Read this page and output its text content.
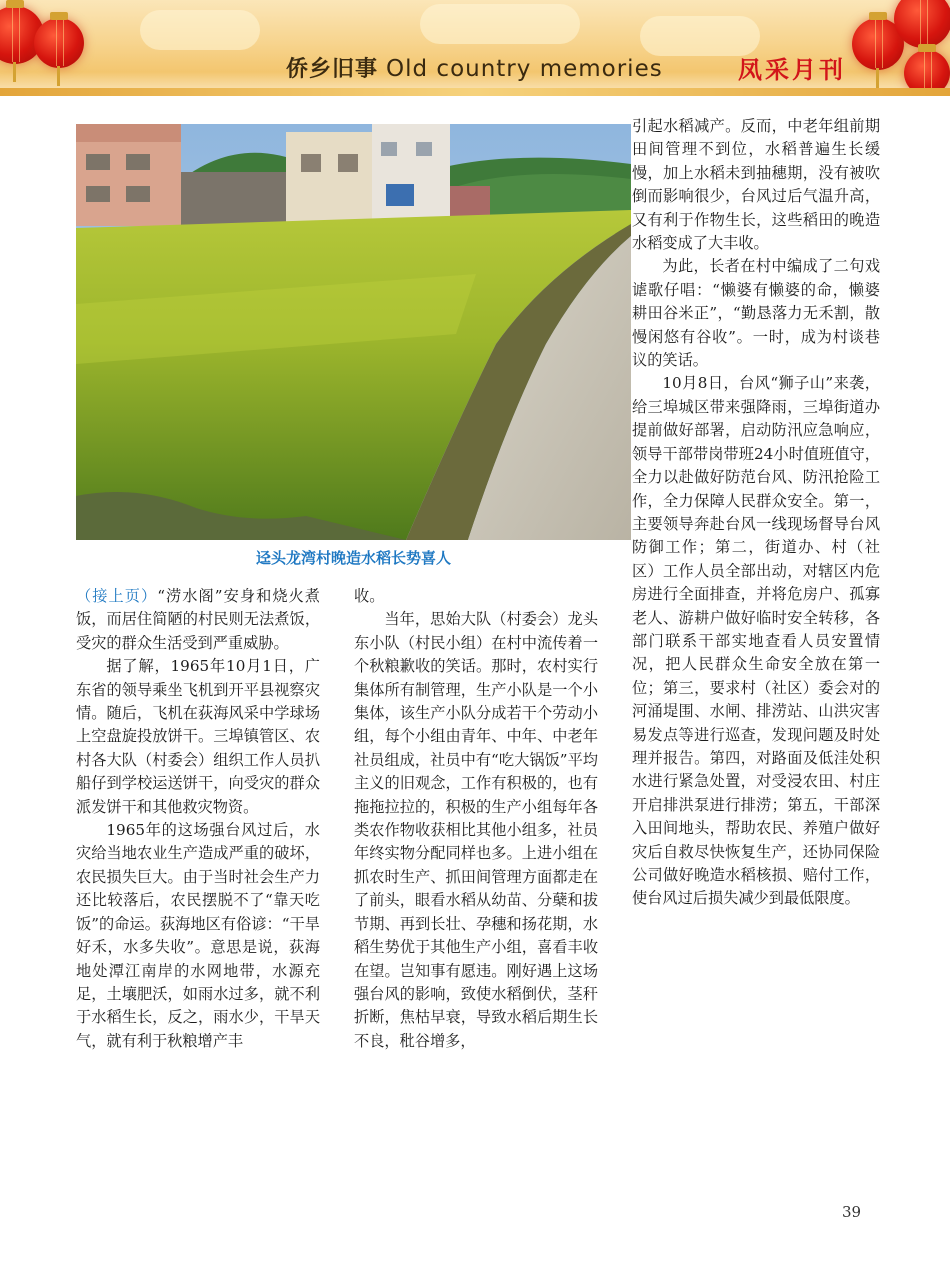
侨乡旧事 Old country memories	凤采月刊
迳头龙湾村晚造水稻长势喜人

（接上页）“涝水阁”安身和烧火煮饭，而居住简陋的村民则无法煮饭，受灾的群众生活受到严重威胁。

据了解，1965年10月1日，广东省的领导乘坐飞机到开平县视察灾情。随后，飞机在荻海风采中学球场上空盘旋投放饼干。三埠镇管区、农村各大队（村委会）组织工作人员扒船仔到学校运送饼干，向受灾的群众派发饼干和其他救灾物资。

1965年的这场强台风过后，水灾给当地农业生产造成严重的破坏，农民损失巨大。由于当时社会生产力还比较落后，农民摆脱不了“靠天吃饭”的命运。荻海地区有俗谚：“干旱好禾，水多失收”。意思是说，荻海地处潭江南岸的水网地带，水源充足，土壤肥沃，如雨水过多，就不利于水稻生长，反之，雨水少，干旱天气，就有利于秋粮增产丰

收。

当年，思始大队（村委会）龙头东小队（村民小组）在村中流传着一个秋粮歉收的笑话。那时，农村实行集体所有制管理，生产小队是一个小集体，该生产小队分成若干个劳动小组，每个小组由青年、中年、中老年社员组成，社员中有“吃大锅饭”平均主义的旧观念，工作有积极的，也有拖拖拉拉的，积极的生产小组每年各类农作物收获相比其他小组多，社员年终实物分配同样也多。上进小组在抓农时生产、抓田间管理方面都走在了前头，眼看水稻从幼苗、分蘖和拔节期、再到长壮、孕穗和扬花期，水稻生势优于其他生产小组，喜看丰收在望。岂知事有愿违。刚好遇上这场强台风的影响，致使水稻倒伏，茎秆折断，焦枯早衰，导致水稻后期生长不良，秕谷增多，

引起水稻减产。反而，中老年组前期田间管理不到位，水稻普遍生长缓慢，加上水稻未到抽穗期，没有被吹倒而影响很少，台风过后气温升高，又有利于作物生长，这些稻田的晚造水稻变成了大丰收。

为此，长者在村中编成了二句戏谑歌仔唱：“懒婆有懒婆的命，懒婆耕田谷米正”，“勤恳落力无禾割，散慢闲悠有谷收”。一时，成为村谈巷议的笑话。

10月8日，台风“狮子山”来袭，给三埠城区带来强降雨，三埠街道办提前做好部署，启动防汛应急响应，领导干部带岗带班24小时值班值守，全力以赴做好防范台风、防汛抢险工作，全力保障人民群众安全。第一，主要领导奔赴台风一线现场督导台风防御工作；第二，街道办、村（社区）工作人员全部出动，对辖区内危房进行全面排查，并将危房户、孤寡老人、游耕户做好临时安全转移，各部门联系干部实地查看人员安置情况，把人民群众生命安全放在第一位；第三，要求村（社区）委会对的河涌堤围、水闸、排涝站、山洪灾害易发点等进行巡查，发现问题及时处理并报告。第四，对路面及低洼处积水进行紧急处置，对受浸农田、村庄开启排洪泵进行排涝；第五，干部深入田间地头，帮助农民、养殖户做好灾后自救尽快恢复生产，还协同保险公司做好晚造水稻核损、赔付工作，使台风过后损失减少到最低限度。

39
